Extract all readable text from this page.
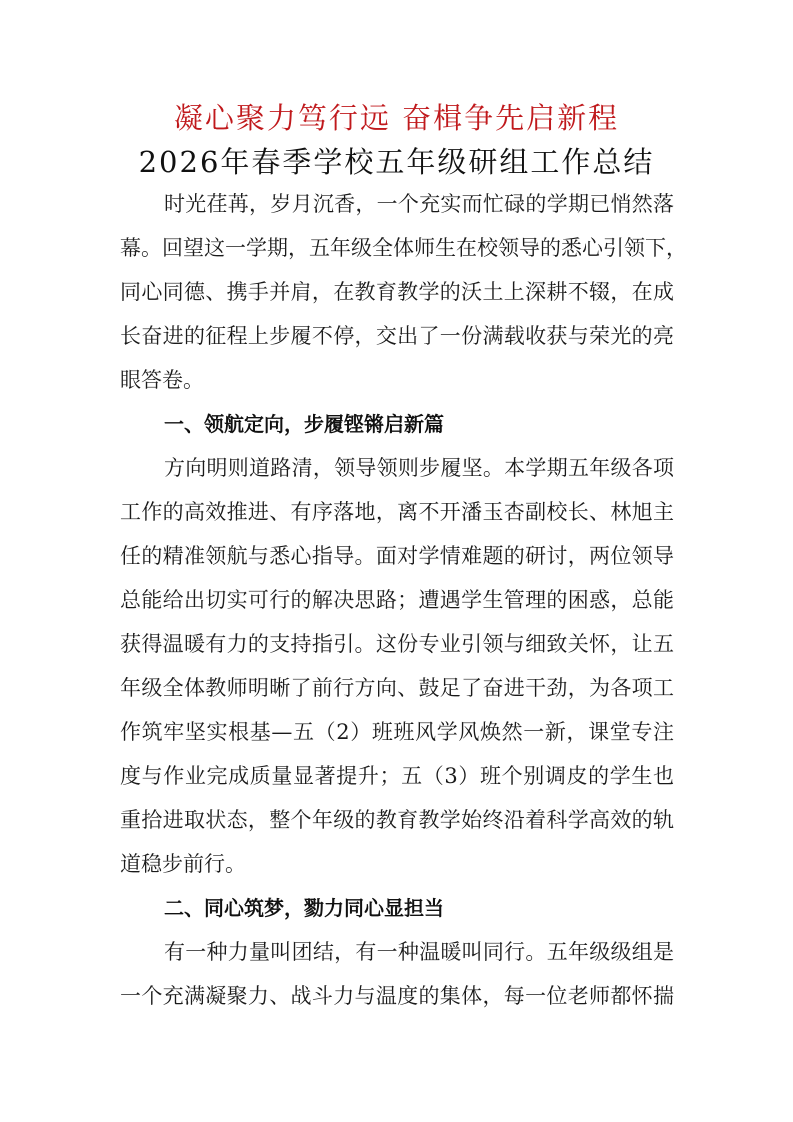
凝心聚力笃行远 奋楫争先启新程
2026年春季学校五年级研组工作总结
时光荏苒，岁月沉香，一个充实而忙碌的学期已悄然落
幕。回望这一学期，五年级全体师生在校领导的悉心引领下，
同心同德、携手并肩，在教育教学的沃土上深耕不辍，在成
长奋进的征程上步履不停，交出了一份满载收获与荣光的亮
眼答卷。
一、领航定向，步履铿锵启新篇
方向明则道路清，领导领则步履坚。本学期五年级各项
工作的高效推进、有序落地，离不开潘玉杏副校长、林旭主
任的精准领航与悉心指导。面对学情难题的研讨，两位领导
总能给出切实可行的解决思路；遭遇学生管理的困惑，总能
获得温暖有力的支持指引。这份专业引领与细致关怀，让五
年级全体教师明晰了前行方向、鼓足了奋进干劲，为各项工
作筑牢坚实根基—五（2）班班风学风焕然一新，课堂专注
度与作业完成质量显著提升；五（3）班个别调皮的学生也
重拾进取状态，整个年级的教育教学始终沿着科学高效的轨
道稳步前行。
二、同心筑梦，勠力同心显担当
有一种力量叫团结，有一种温暖叫同行。五年级级组是
一个充满凝聚力、战斗力与温度的集体，每一位老师都怀揣
